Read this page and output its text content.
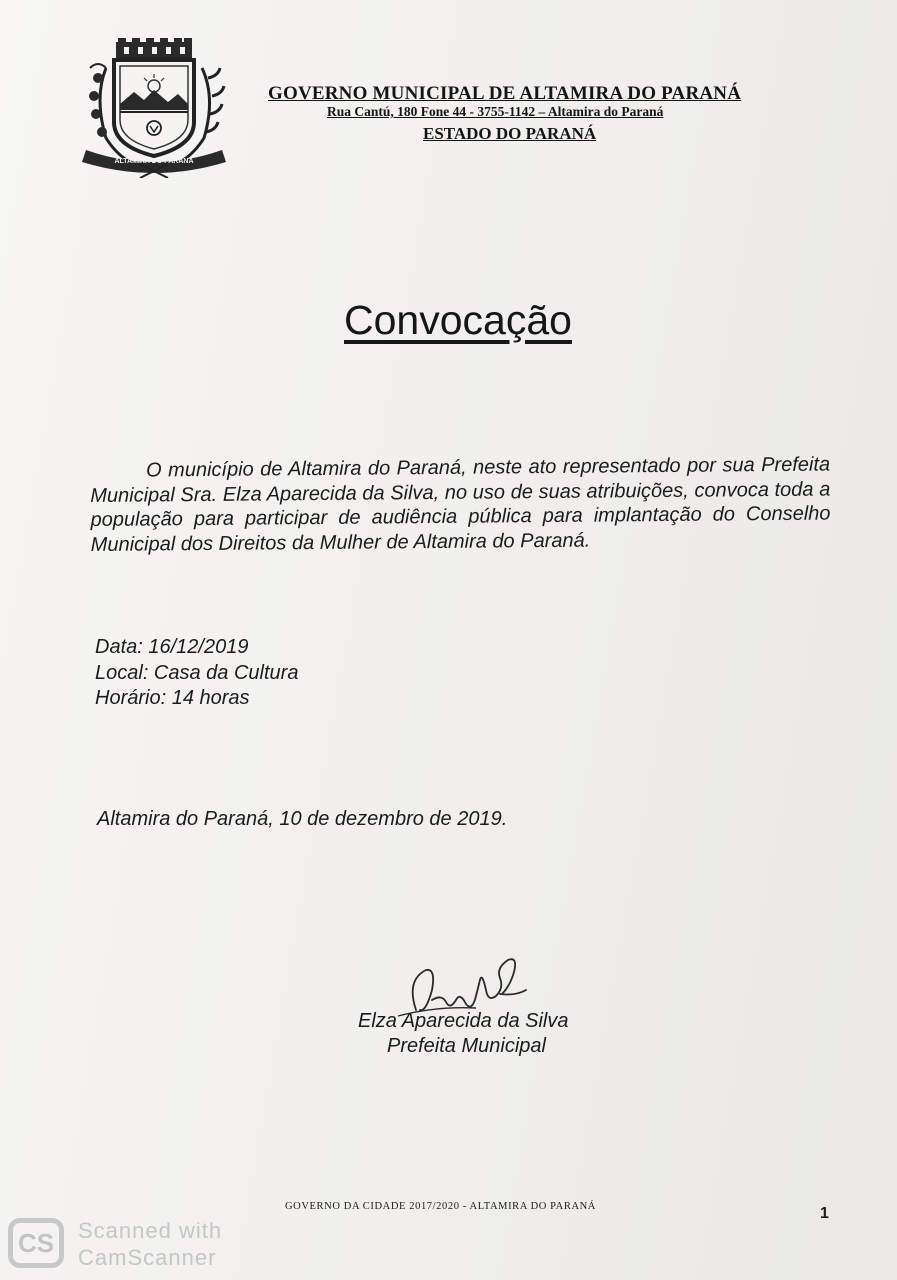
ALTAMIRA DO PARANÁ
GOVERNO MUNICIPAL DE ALTAMIRA DO PARANÁ
Rua Cantú, 180 Fone 44 - 3755-1142 – Altamira do Paraná
ESTADO DO PARANÁ
Convocação
O município de Altamira do Paraná, neste ato representado por sua Prefeita Municipal Sra. Elza Aparecida da Silva, no uso de suas atribuições, convoca toda a população para participar de audiência pública para implantação do Conselho Municipal dos Direitos da Mulher de Altamira do Paraná.
Data: 16/12/2019
Local: Casa da Cultura
Horário: 14 horas
Altamira do Paraná, 10 de dezembro de 2019.
Elza Aparecida da Silva
Prefeita Municipal
GOVERNO DA CIDADE 2017/2020 - ALTAMIRA DO PARANÁ	1
CS	Scanned with
CamScanner
